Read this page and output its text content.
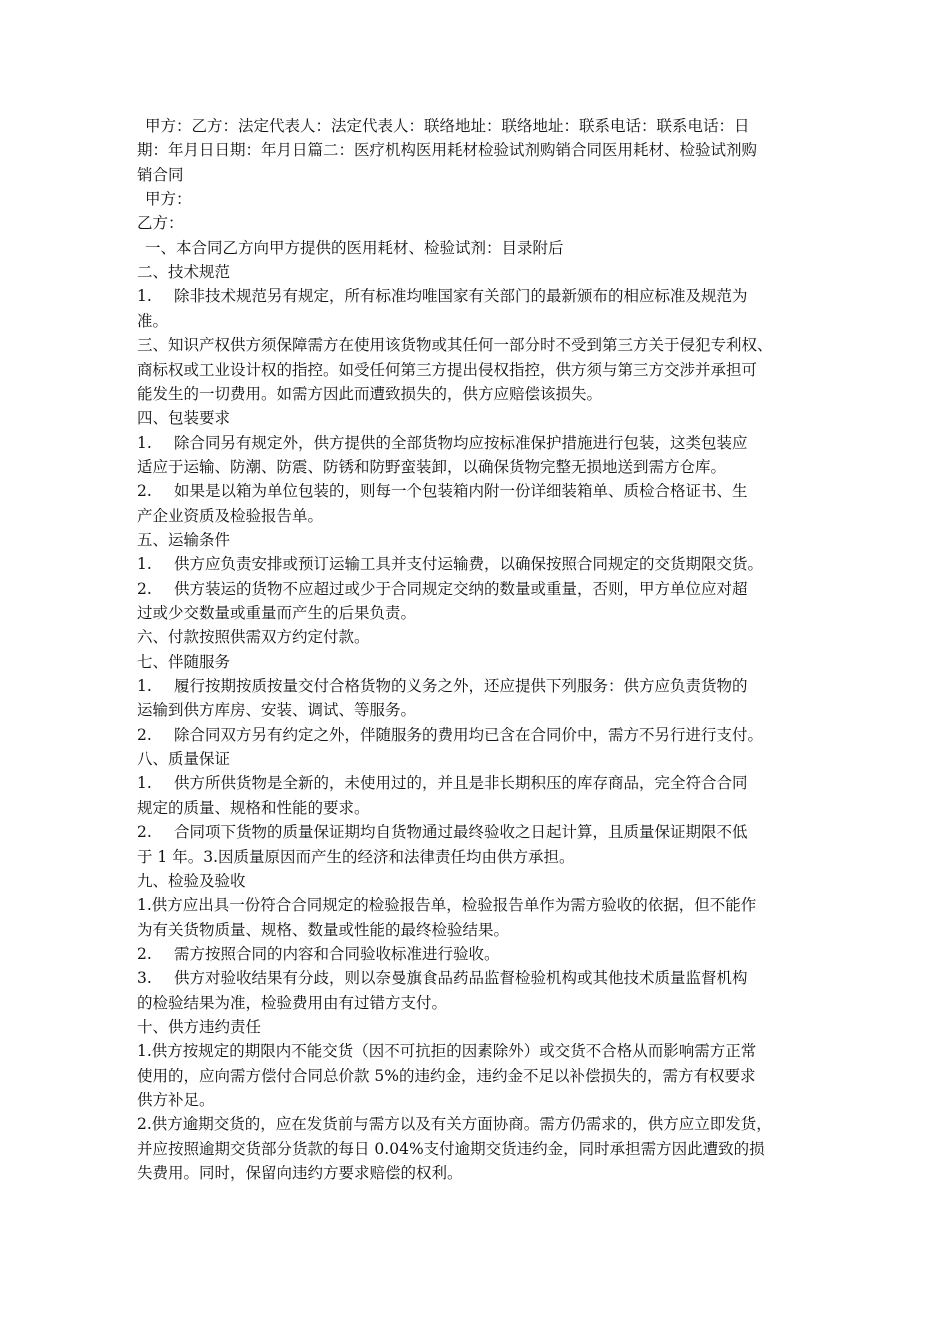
甲方：乙方：法定代表人：法定代表人：联络地址：联络地址：联系电话：联系电话：日
期：年月日日期：年月日篇二：医疗机构医用耗材检验试剂购销合同医用耗材、检验试剂购
销合同
甲方：
乙方：
一、本合同乙方向甲方提供的医用耗材、检验试剂：目录附后
二、技术规范
1. 除非技术规范另有规定，所有标准均唯国家有关部门的最新颁布的相应标准及规范为
准。
三、知识产权供方须保障需方在使用该货物或其任何一部分时不受到第三方关于侵犯专利权、
商标权或工业设计权的指控。如受任何第三方提出侵权指控，供方须与第三方交涉并承担可
能发生的一切费用。如需方因此而遭致损失的，供方应赔偿该损失。
四、包装要求
1. 除合同另有规定外，供方提供的全部货物均应按标准保护措施进行包装，这类包装应
适应于运输、防潮、防震、防锈和防野蛮装卸，以确保货物完整无损地送到需方仓库。
2. 如果是以箱为单位包装的，则每一个包装箱内附一份详细装箱单、质检合格证书、生
产企业资质及检验报告单。
五、运输条件
1. 供方应负责安排或预订运输工具并支付运输费，以确保按照合同规定的交货期限交货。
2. 供方装运的货物不应超过或少于合同规定交纳的数量或重量，否则，甲方单位应对超
过或少交数量或重量而产生的后果负责。
六、付款按照供需双方约定付款。
七、伴随服务
1. 履行按期按质按量交付合格货物的义务之外，还应提供下列服务：供方应负责货物的
运输到供方库房、安装、调试、等服务。
2. 除合同双方另有约定之外，伴随服务的费用均已含在合同价中，需方不另行进行支付。
八、质量保证
1. 供方所供货物是全新的，未使用过的，并且是非长期积压的库存商品，完全符合合同
规定的质量、规格和性能的要求。
2. 合同项下货物的质量保证期均自货物通过最终验收之日起计算，且质量保证期限不低
于 1 年。3.因质量原因而产生的经济和法律责任均由供方承担。
九、检验及验收
1.供方应出具一份符合合同规定的检验报告单，检验报告单作为需方验收的依据，但不能作
为有关货物质量、规格、数量或性能的最终检验结果。
2. 需方按照合同的内容和合同验收标准进行验收。
3. 供方对验收结果有分歧，则以奈曼旗食品药品监督检验机构或其他技术质量监督机构
的检验结果为准，检验费用由有过错方支付。
十、供方违约责任
1.供方按规定的期限内不能交货（因不可抗拒的因素除外）或交货不合格从而影响需方正常
使用的，应向需方偿付合同总价款 5%的违约金，违约金不足以补偿损失的，需方有权要求
供方补足。
2.供方逾期交货的，应在发货前与需方以及有关方面协商。需方仍需求的，供方应立即发货，
并应按照逾期交货部分货款的每日 0.04%支付逾期交货违约金，同时承担需方因此遭致的损
失费用。同时，保留向违约方要求赔偿的权利。
